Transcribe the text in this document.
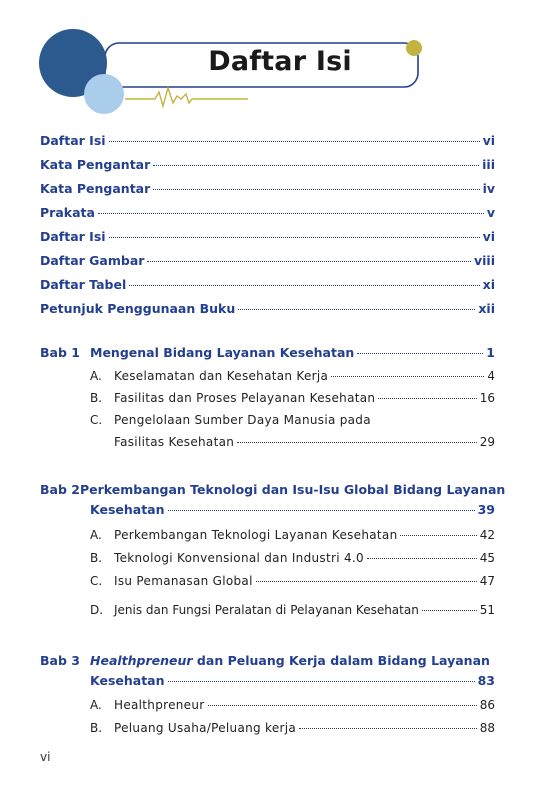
Daftar Isi
Daftar Isi	vi
Kata Pengantar	iii
Kata Pengantar	iv
Prakata	v
Daftar Isi	vi
Daftar Gambar	viii
Daftar Tabel	xi
Petunjuk Penggunaan Buku	xii
Bab 1 Mengenal Bidang Layanan Kesehatan	1
A. Keselamatan dan Kesehatan Kerja	4
B. Fasilitas dan Proses Pelayanan Kesehatan	16
C. Pengelolaan Sumber Daya Manusia pada
Fasilitas Kesehatan	29
Bab 2 Perkembangan Teknologi dan Isu-Isu Global Bidang Layanan
Kesehatan	39
A. Perkembangan Teknologi Layanan Kesehatan	42
B. Teknologi Konvensional dan Industri 4.0	45
C. Isu Pemanasan Global	47
D. Jenis dan Fungsi Peralatan di Pelayanan Kesehatan	51
Bab 3 Healthpreneur dan Peluang Kerja dalam Bidang Layanan
Kesehatan	83
A. Healthpreneur	86
B. Peluang Usaha/Peluang kerja	88
vi
